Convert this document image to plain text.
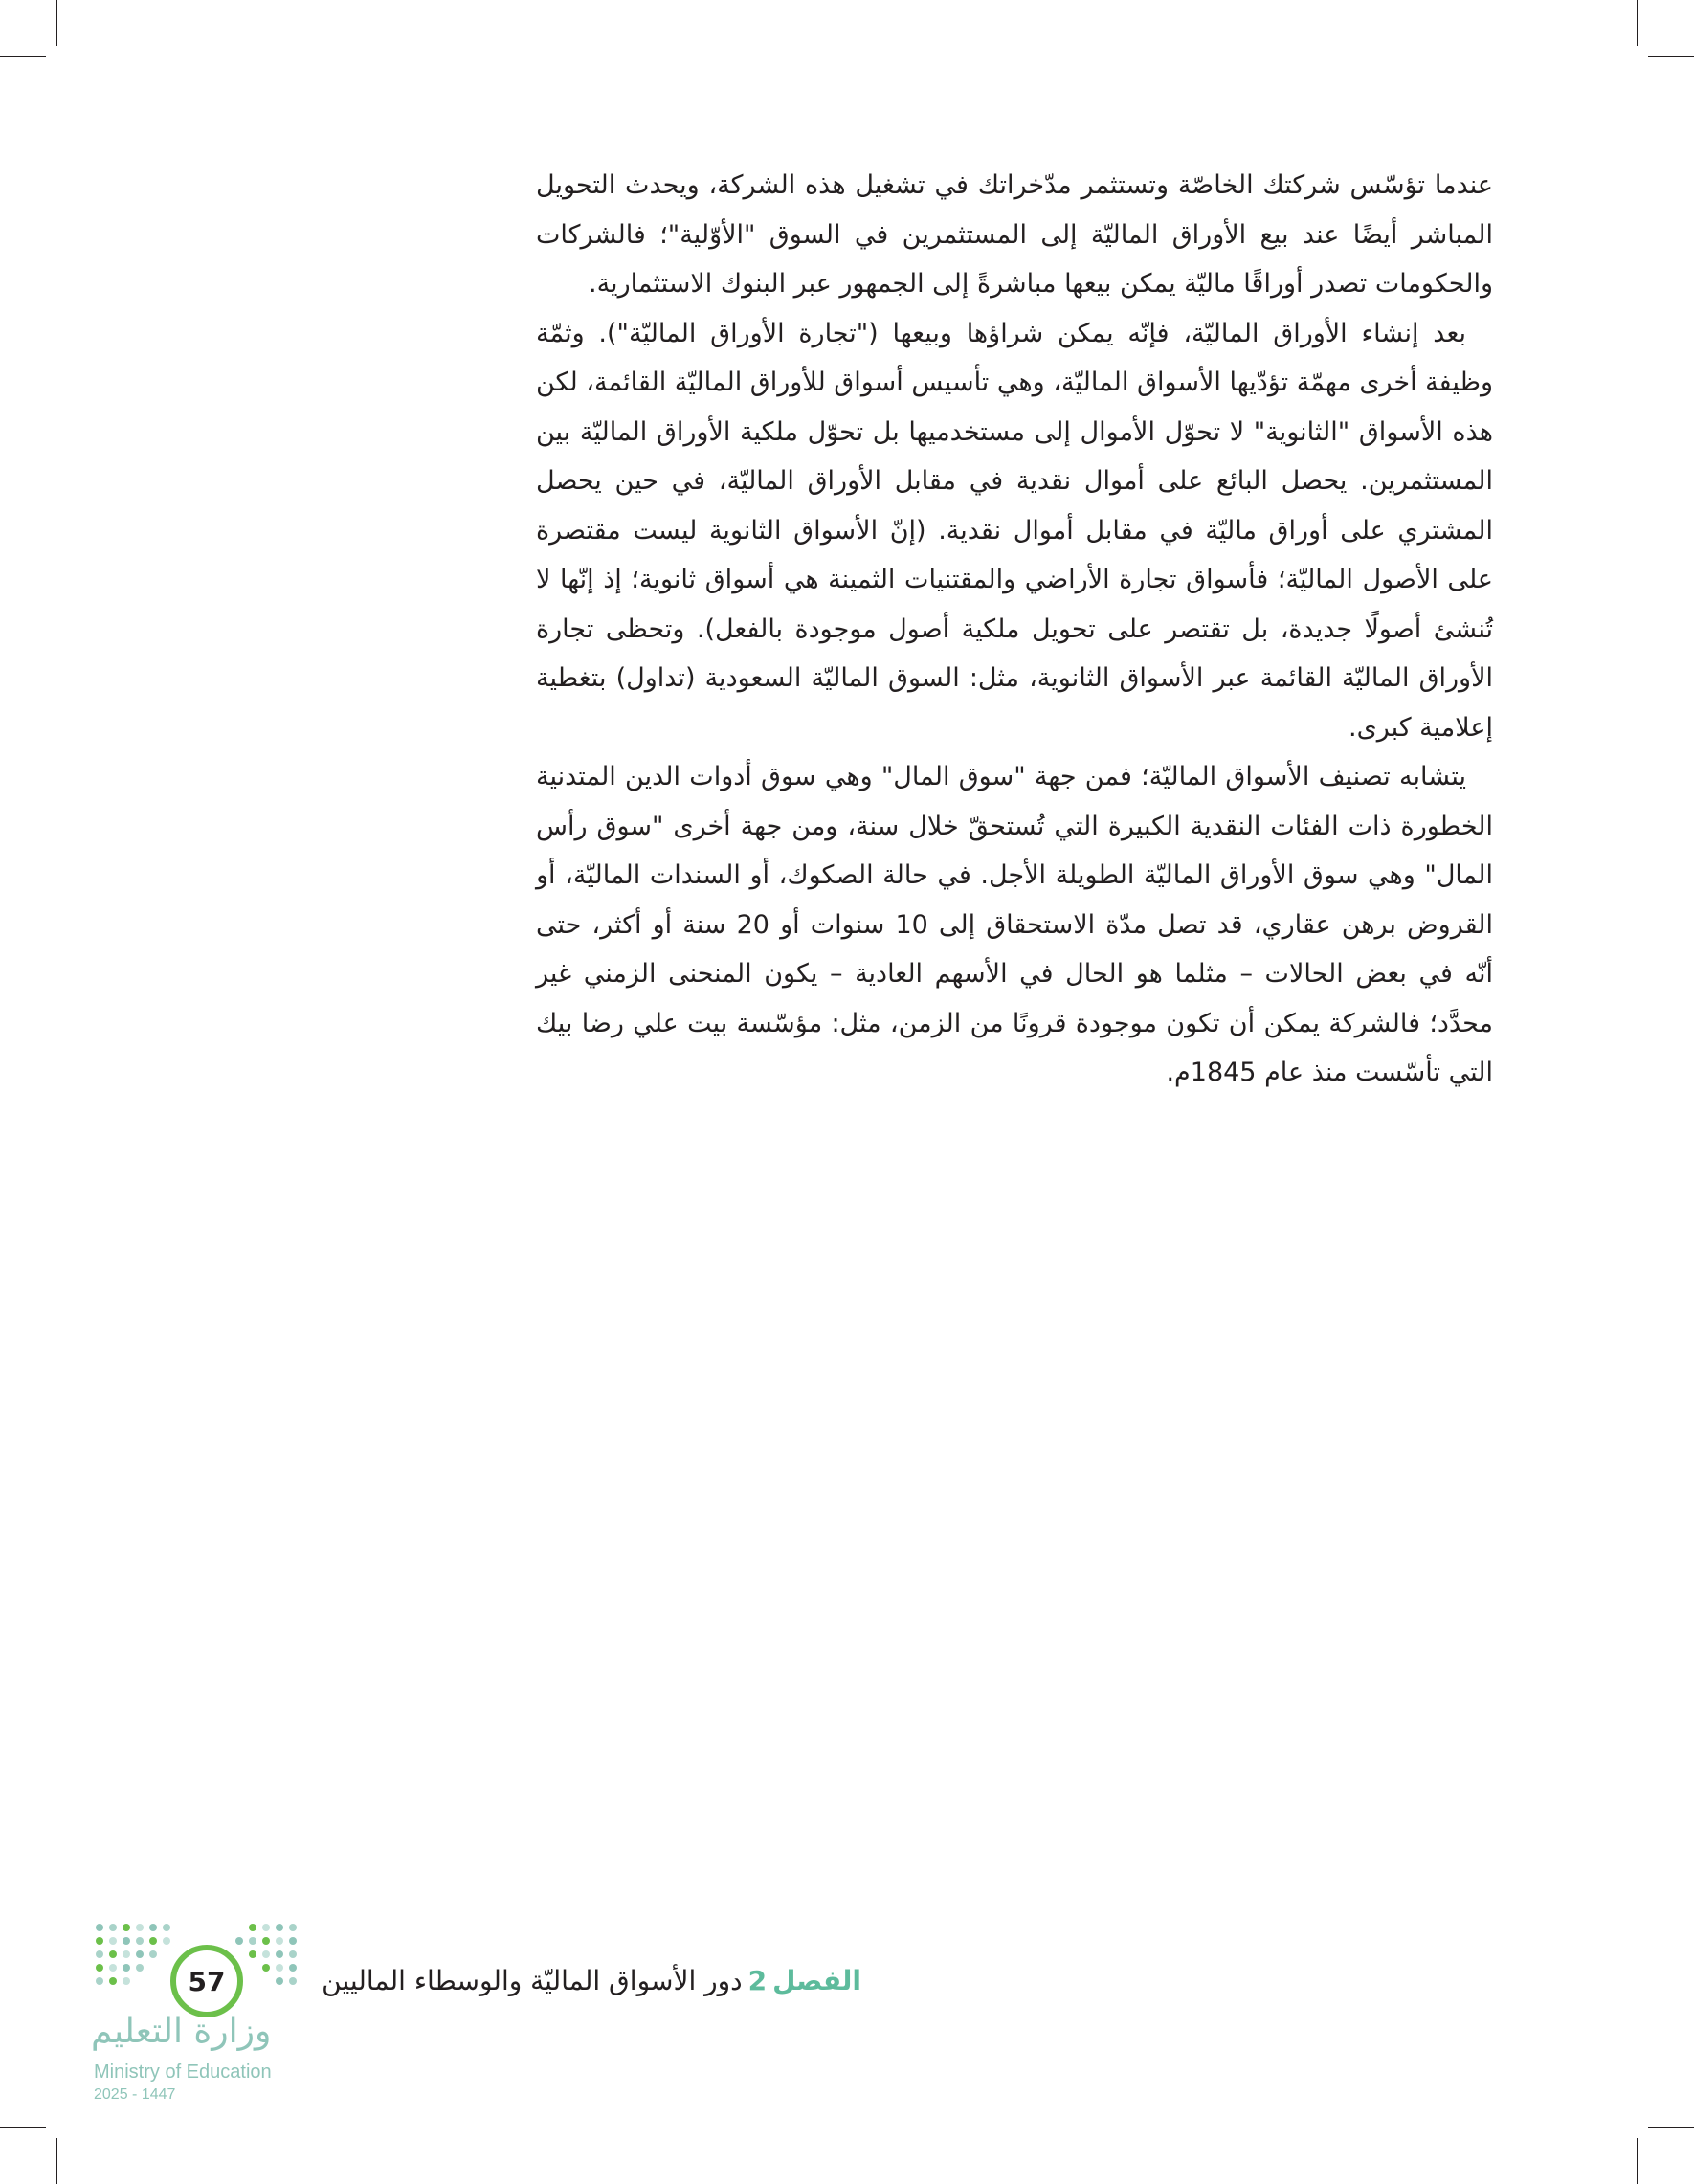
عندما تؤسّس شركتك الخاصّة وتستثمر مدّخراتك في تشغيل هذه الشركة، ويحدث التحويل المباشر أيضًا عند بيع الأوراق الماليّة إلى المستثمرين في السوق "الأوّلية"؛ فالشركات والحكومات تصدر أوراقًا ماليّة يمكن بيعها مباشرةً إلى الجمهور عبر البنوك الاستثمارية.

بعد إنشاء الأوراق الماليّة، فإنّه يمكن شراؤها وبيعها ("تجارة الأوراق الماليّة"). وثمّة وظيفة أخرى مهمّة تؤدّيها الأسواق الماليّة، وهي تأسيس أسواق للأوراق الماليّة القائمة، لكن هذه الأسواق "الثانوية" لا تحوّل الأموال إلى مستخدميها بل تحوّل ملكية الأوراق الماليّة بين المستثمرين. يحصل البائع على أموال نقدية في مقابل الأوراق الماليّة، في حين يحصل المشتري على أوراق ماليّة في مقابل أموال نقدية. (إنّ الأسواق الثانوية ليست مقتصرة على الأصول الماليّة؛ فأسواق تجارة الأراضي والمقتنيات الثمينة هي أسواق ثانوية؛ إذ إنّها لا تُنشئ أصولًا جديدة، بل تقتصر على تحويل ملكية أصول موجودة بالفعل). وتحظى تجارة الأوراق الماليّة القائمة عبر الأسواق الثانوية، مثل: السوق الماليّة السعودية (تداول) بتغطية إعلامية كبرى.

يتشابه تصنيف الأسواق الماليّة؛ فمن جهة "سوق المال" وهي سوق أدوات الدين المتدنية الخطورة ذات الفئات النقدية الكبيرة التي تُستحقّ خلال سنة، ومن جهة أخرى "سوق رأس المال" وهي سوق الأوراق الماليّة الطويلة الأجل. في حالة الصكوك، أو السندات الماليّة، أو القروض برهن عقاري، قد تصل مدّة الاستحقاق إلى 10 سنوات أو 20 سنة أو أكثر، حتى أنّه في بعض الحالات – مثلما هو الحال في الأسهم العادية – يكون المنحنى الزمني غير محدَّد؛ فالشركة يمكن أن تكون موجودة قرونًا من الزمن، مثل: مؤسّسة بيت علي رضا بيك التي تأسّست منذ عام 1845م.

الفصل2دور الأسواق الماليّة والوسطاء الماليين
57
وزارة التعليم
Ministry of Education
2025 - 1447
